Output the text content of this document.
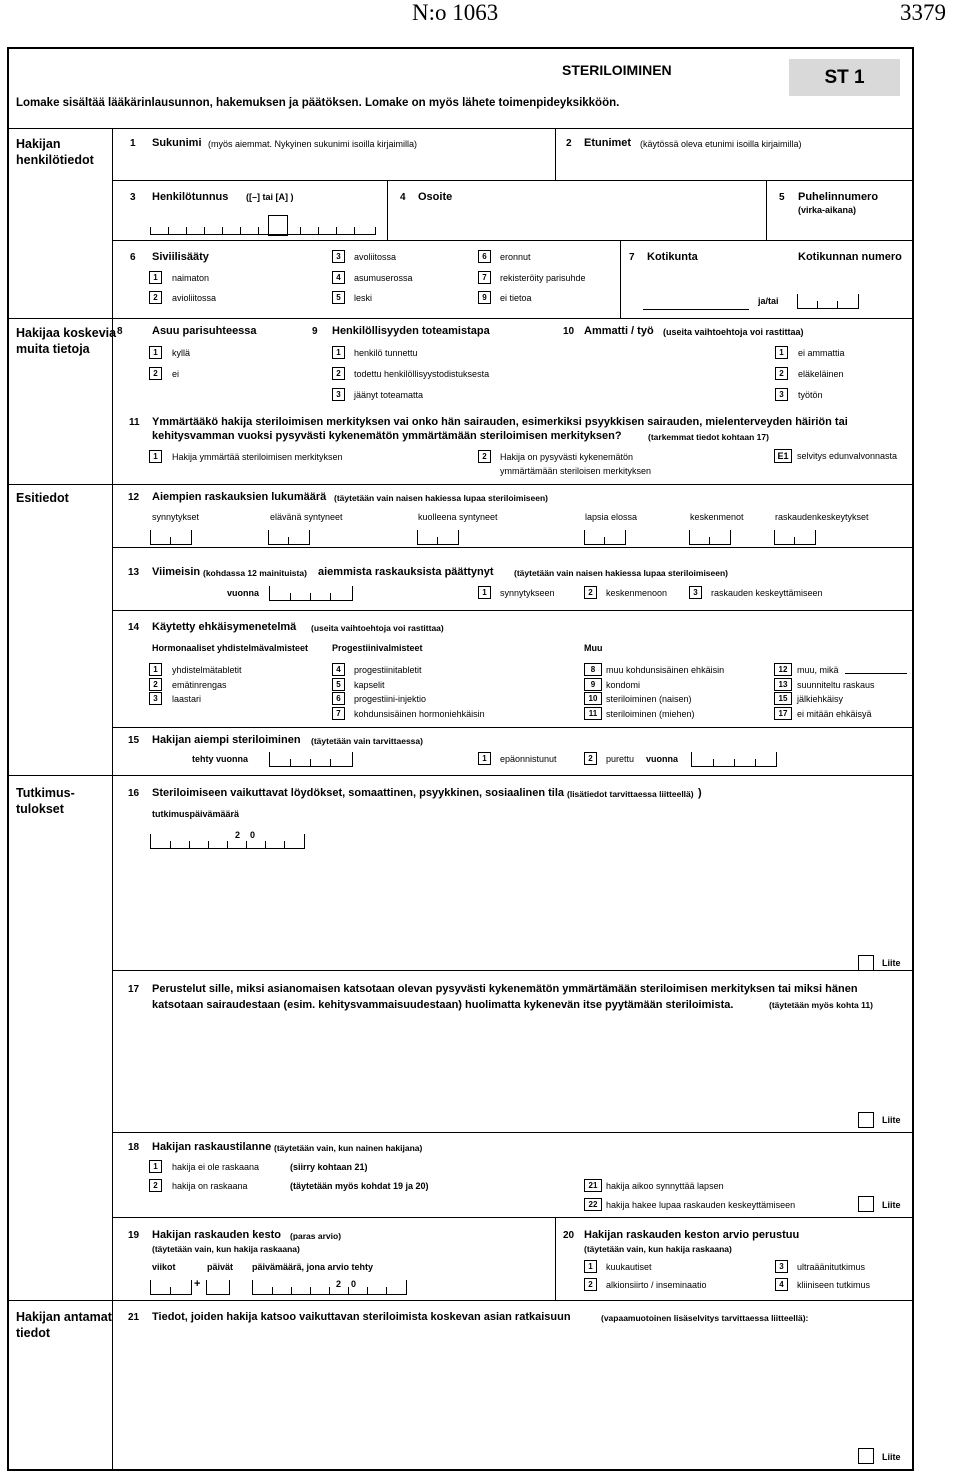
N:o 1063	3379
STERILOIMINEN	ST 1
Lomake sisältää lääkärinlausunnon, hakemuksen ja päätöksen. Lomake on myös lähete toimenpideyksikköön.
Hakijan
henkilötiedot
Hakijaa koskevia
muita tietoja
Esitiedot
Tutkimus-
tulokset
Hakijan antamat
tiedot
1 Sukunimi (myös aiemmat. Nykyinen sukunimi isoilla kirjaimilla)	2 Etunimet (käytössä oleva etunimi isoilla kirjaimilla)
3 Henkilötunnus ([–] tai [A] )	4 Osoite	5 Puhelinnumero
(virka-aikana)
6 Siviilisääty
1	naimaton
2	avioliitossa
3	avoliitossa
4	asumuserossa
5	leski
6	eronnut
7	rekisteröity parisuhde
9	ei tietoa
7 Kotikunta	Kotikunnan numero
ja/tai
8	Asuu parisuhteessa
1	kyllä
2	ei
9 Henkilöllisyyden toteamistapa
1	henkilö tunnettu
2	todettu henkilöllisyystodistuksesta
3	jäänyt toteamatta
10 Ammatti / työ (useita vaihtoehtoja voi rastittaa)
1	ei ammattia
2	eläkeläinen
3	työtön
11 Ymmärtääkö hakija steriloimisen merkityksen vai onko hän sairauden, esimerkiksi psyykkisen sairauden, mielenterveyden häiriön tai
kehitysvamman vuoksi pysyvästi kykenemätön ymmärtämään steriloimisen merkityksen?	(tarkemmat tiedot kohtaan 17)
1	Hakija ymmärtää steriloimisen merkityksen	2	Hakija on pysyvästi kykenemätön
ymmärtämään steriloisen merkityksen
E1 selvitys edunvalvonnasta
12 Aiempien raskauksien lukumäärä (täytetään vain naisen hakiessa lupaa steriloimiseen)
synnytykset	elävänä syntyneet	kuolleena syntyneet	lapsia elossa	keskenmenot	raskaudenkeskeytykset
13 Viimeisin (kohdassa 12 mainituista) aiemmista raskauksista päättynyt (täytetään vain naisen hakiessa lupaa steriloimiseen)
vuonna	1	synnytykseen	2	keskenmenoon	3	raskauden keskeyttämiseen
14 Käytetty ehkäisymenetelmä (useita vaihtoehtoja voi rastittaa)
Hormonaaliset yhdistelmävalmisteet	Progestiinivalmisteet	Muu
1	yhdistelmätabletit
2	emätinrengas
3	laastari
4	progestiinitabletit
5	kapselit
6	progestiini-injektio
7	kohdunsisäinen hormoniehkäisin
8	muu kohdunsisäinen ehkäisin
9	kondomi
10 steriloiminen (naisen)
11 steriloiminen (miehen)
12	muu, mikä
13	suunniteltu raskaus
15	jälkiehkäisy
17	ei mitään ehkäisyä
15 Hakijan aiempi steriloiminen (täytetään vain tarvittaessa)
tehty vuonna	1	epäonnistunut	2	purettu vuonna
16 Steriloimiseen vaikuttavat löydökset, somaattinen, psyykkinen, sosiaalinen tila (lisätiedot tarvittaessa liitteellä) )
tutkimuspäivämäärä
2    0
Liite
17 Perustelut sille, miksi asianomaisen katsotaan olevan pysyvästi kykenemätön ymmärtämään steriloimisen merkityksen tai miksi hänen
katsotaan sairaudestaan (esim. kehitysvammaisuudestaan) huolimatta kykenevän itse pyytämään steriloimista.	(täytetään myös kohta 11)
Liite
18 Hakijan raskaustilanne (täytetään vain, kun nainen hakijana)
1	hakija ei ole raskaana	(siirry kohtaan 21)
2	hakija on raskaana	(täytetään myös kohdat 19 ja 20)	21 hakija aikoo synnyttää lapsen
22 hakija hakee lupaa raskauden keskeyttämiseen	Liite
19 Hakijan raskauden kesto (paras arvio)
(täytetään vain, kun hakija raskaana)
viikot	päivät päivämäärä, jona arvio tehty
+	2    0
20 Hakijan raskauden keston arvio perustuu
(täytetään vain, kun hakija raskaana)
1	kuukautiset
2	alkionsiirto / inseminaatio
3	ultraäänitutkimus
4	kliiniseen tutkimus
21 Tiedot, joiden hakija katsoo vaikuttavan steriloimista koskevan asian ratkaisuun	(vapaamuotoinen lisäselvitys tarvittaessa liitteellä):
Liite
